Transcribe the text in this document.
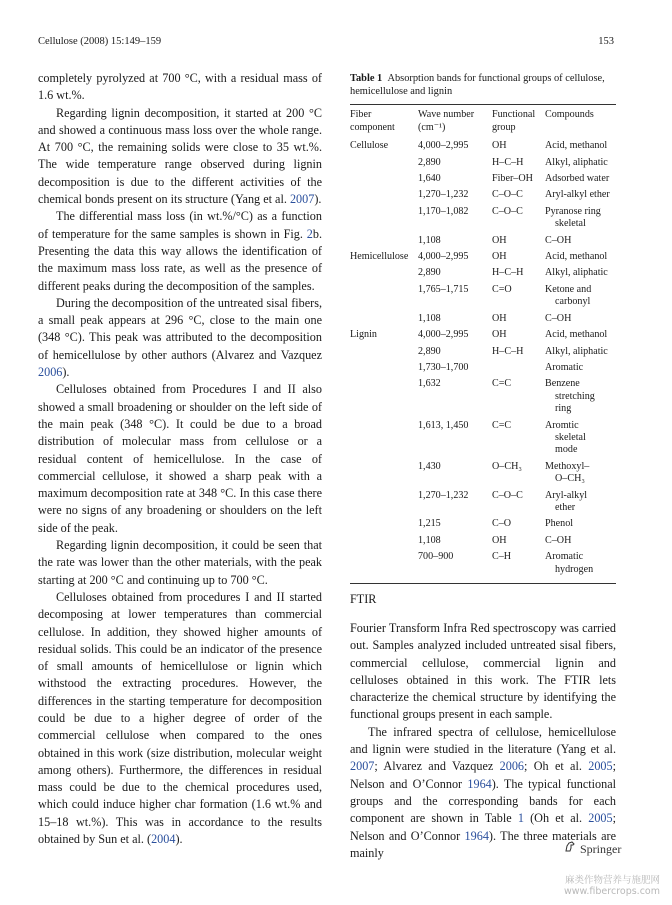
Cellulose (2008) 15:149–159	153

completely pyrolyzed at 700 °C, with a residual mass of 1.6 wt.%.

Regarding lignin decomposition, it started at 200 °C and showed a continuous mass loss over the whole range. At 700 °C, the remaining solids were close to 35 wt.%. The wide temperature range observed during lignin decomposition is due to the different activities of the chemical bonds present on its structure (Yang et al. 2007).

The differential mass loss (in wt.%/°C) as a function of temperature for the same samples is shown in Fig. 2b. Presenting the data this way allows the identification of the maximum mass loss rate, as well as the presence of different peaks during the decomposition of the samples.

During the decomposition of the untreated sisal fibers, a small peak appears at 296 °C, close to the main one (348 °C). This peak was attributed to the decomposition of hemicellulose by other authors (Alvarez and Vazquez 2006).

Celluloses obtained from Procedures I and II also showed a small broadening or shoulder on the left side of the main peak (348 °C). It could be due to a broad distribution of molecular mass from cellulose or a residual content of hemicellulose. In the case of commercial cellulose, it showed a sharp peak with a maximum decomposition rate at 348 °C. In this case there were no signs of any broadening or shoulders on the left side of the peak.

Regarding lignin decomposition, it could be seen that the rate was lower than the other materials, with the peak starting at 200 °C and continuing up to 700 °C.

Celluloses obtained from procedures I and II started decomposing at lower temperatures than commercial cellulose. In addition, they showed higher amounts of residual solids. This could be an indicator of the presence of small amounts of hemicellulose or lignin which withstood the extracting procedures. However, the differences in the starting temperature for decomposition could be due to a higher degree of order of the commercial cellulose when compared to the ones obtained in this work (size distribution, molecular weight among others). Furthermore, the differences in residual mass could be due to the chemical procedures used, which could induce higher char formation (1.6 wt.% and 15–18 wt.%). This was in accordance to the results obtained by Sun et al. (2004).

Table 1 Absorption bands for functional groups of cellulose, hemicellulose and lignin

Fiber component	Wave number (cm⁻¹)	Functional group	Compounds
Cellulose	4,000–2,995	OH	Acid, methanol

	2,890	H–C–H	Alkyl, aliphatic

	1,640	Fiber–OH	Adsorbed water

	1,270–1,232	C–O–C	Aryl-alkyl ether

	1,170–1,082	C–O–C	Pyranose ring
skeletal

	1,108	OH	C–OH

Hemicellulose	4,000–2,995	OH	Acid, methanol

	2,890	H–C–H	Alkyl, aliphatic

	1,765–1,715	C=O	Ketone and
carbonyl

	1,108	OH	C–OH

Lignin	4,000–2,995	OH	Acid, methanol

	2,890	H–C–H	Alkyl, aliphatic

	1,730–1,700		Aromatic

	1,632	C=C	Benzene
stretching
ring

	1,613, 1,450	C=C	Aromtic
skeletal
mode

	1,430	O–CH₃	Methoxyl–
O–CH₃

	1,270–1,232	C–O–C	Aryl-alkyl
ether

	1,215	C–O	Phenol

	1,108	OH	C–OH

	700–900	C–H	Aromatic
hydrogen
FTIR

Fourier Transform Infra Red spectroscopy was carried out. Samples analyzed included untreated sisal fibers, commercial cellulose, commercial lignin and celluloses obtained in this work. The FTIR lets characterize the chemical structure by identifying the functional groups present in each sample.

The infrared spectra of cellulose, hemicellulose and lignin were studied in the literature (Yang et al. 2007; Alvarez and Vazquez 2006; Oh et al. 2005; Nelson and O’Connor 1964). The typical functional groups and the corresponding bands for each component are shown in Table 1 (Oh et al. 2005; Nelson and O’Connor 1964). The three materials are mainly	Springer
麻类作物营养与施肥网
www.fibercrops.com
